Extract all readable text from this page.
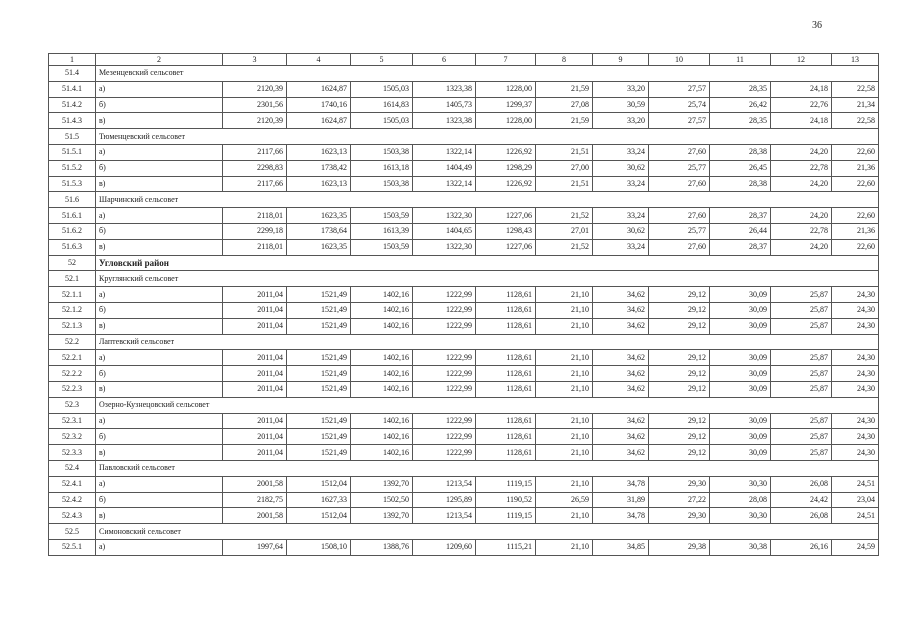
36
1	2	3	4	5	6	7	8	9	10	11	12	13
51.4	Мезенцевский сельсовет											
51.4.1	а)	2120,39	1624,87	1505,03	1323,38	1228,00	21,59	33,20	27,57	28,35	24,18	22,58
51.4.2	б)	2301,56	1740,16	1614,83	1405,73	1299,37	27,08	30,59	25,74	26,42	22,76	21,34
51.4.3	в)	2120,39	1624,87	1505,03	1323,38	1228,00	21,59	33,20	27,57	28,35	24,18	22,58
51.5	Тюменцевский сельсовет											
51.5.1	а)	2117,66	1623,13	1503,38	1322,14	1226,92	21,51	33,24	27,60	28,38	24,20	22,60
51.5.2	б)	2298,83	1738,42	1613,18	1404,49	1298,29	27,00	30,62	25,77	26,45	22,78	21,36
51.5.3	в)	2117,66	1623,13	1503,38	1322,14	1226,92	21,51	33,24	27,60	28,38	24,20	22,60
51.6	Шарчинский сельсовет											
51.6.1	а)	2118,01	1623,35	1503,59	1322,30	1227,06	21,52	33,24	27,60	28,37	24,20	22,60
51.6.2	б)	2299,18	1738,64	1613,39	1404,65	1298,43	27,01	30,62	25,77	26,44	22,78	21,36
51.6.3	в)	2118,01	1623,35	1503,59	1322,30	1227,06	21,52	33,24	27,60	28,37	24,20	22,60
52	Угловский район											
52.1	Круглянский сельсовет											
52.1.1	а)	2011,04	1521,49	1402,16	1222,99	1128,61	21,10	34,62	29,12	30,09	25,87	24,30
52.1.2	б)	2011,04	1521,49	1402,16	1222,99	1128,61	21,10	34,62	29,12	30,09	25,87	24,30
52.1.3	в)	2011,04	1521,49	1402,16	1222,99	1128,61	21,10	34,62	29,12	30,09	25,87	24,30
52.2	Лаптевский сельсовет											
52.2.1	а)	2011,04	1521,49	1402,16	1222,99	1128,61	21,10	34,62	29,12	30,09	25,87	24,30
52.2.2	б)	2011,04	1521,49	1402,16	1222,99	1128,61	21,10	34,62	29,12	30,09	25,87	24,30
52.2.3	в)	2011,04	1521,49	1402,16	1222,99	1128,61	21,10	34,62	29,12	30,09	25,87	24,30
52.3	Озерно-Кузнецовский сельсовет											
52.3.1	а)	2011,04	1521,49	1402,16	1222,99	1128,61	21,10	34,62	29,12	30,09	25,87	24,30
52.3.2	б)	2011,04	1521,49	1402,16	1222,99	1128,61	21,10	34,62	29,12	30,09	25,87	24,30
52.3.3	в)	2011,04	1521,49	1402,16	1222,99	1128,61	21,10	34,62	29,12	30,09	25,87	24,30
52.4	Павловский сельсовет											
52.4.1	а)	2001,58	1512,04	1392,70	1213,54	1119,15	21,10	34,78	29,30	30,30	26,08	24,51
52.4.2	б)	2182,75	1627,33	1502,50	1295,89	1190,52	26,59	31,89	27,22	28,08	24,42	23,04
52.4.3	в)	2001,58	1512,04	1392,70	1213,54	1119,15	21,10	34,78	29,30	30,30	26,08	24,51
52.5	Симоновский сельсовет											
52.5.1	а)	1997,64	1508,10	1388,76	1209,60	1115,21	21,10	34,85	29,38	30,38	26,16	24,59
